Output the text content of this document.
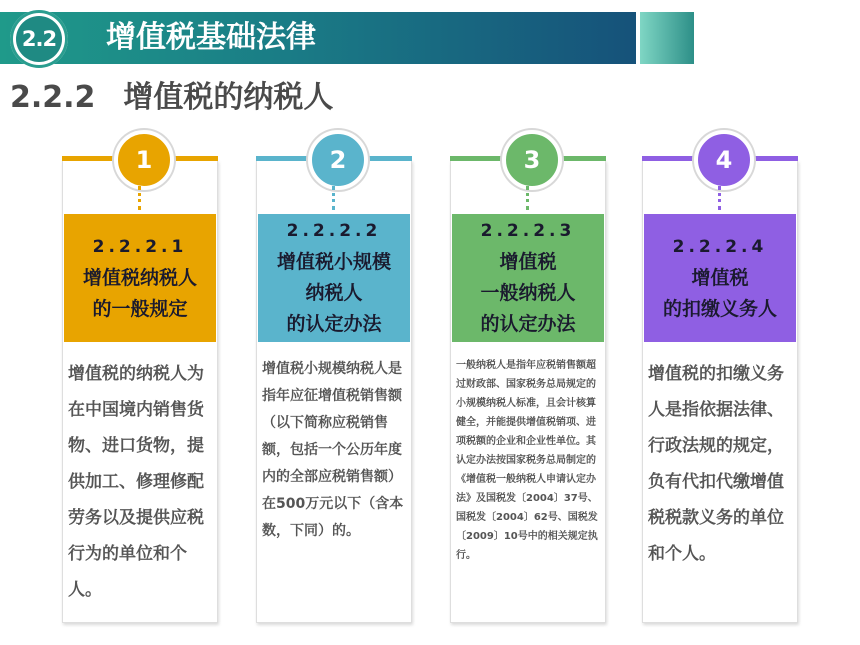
2.2 增值税基础法律
2.2.2 增值税的纳税人
1
2.2.2.1
增值税纳税人
的一般规定
增值税的纳税人为在中国境内销售货物、进口货物，提供加工、修理修配劳务以及提供应税行为的单位和个人。
2
2.2.2.2
增值税小规模
纳税人
的认定办法
增值税小规模纳税人是指年应征增值税销售额（以下简称应税销售额，包括一个公历年度内的全部应税销售额）在500万元以下（含本数，下同）的。
3
2.2.2.3
增值税
一般纳税人
的认定办法
一般纳税人是指年应税销售额超过财政部、国家税务总局规定的小规模纳税人标准，且会计核算健全，并能提供增值税销项、进项税额的企业和企业性单位。其认定办法按国家税务总局制定的《增值税一般纳税人申请认定办法》及国税发〔2004〕37号、国税发〔2004〕62号、国税发〔2009〕10号中的相关规定执行。
4
2.2.2.4
增值税
的扣缴义务人
增值税的扣缴义务人是指依据法律、行政法规的规定，负有代扣代缴增值税税款义务的单位和个人。
